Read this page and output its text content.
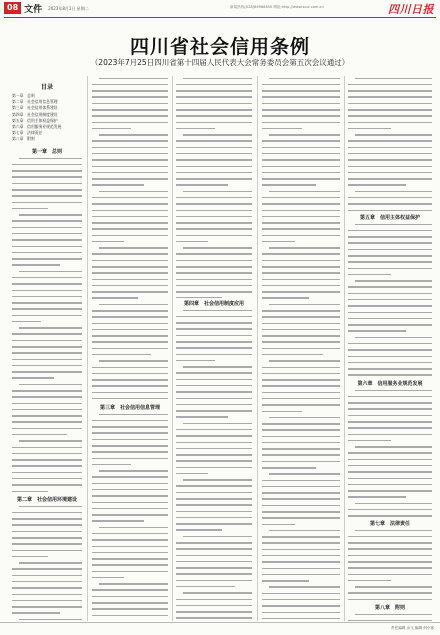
08 文件 2023年8月1日 星期二	新闻热线(028)86968650 网址:http://www.scol.com.cn	四川日报
四川省社会信用条例
（2023年7月25日四川省第十四届人民代表大会常务委员会第五次会议通过）
目录
第一章　总则
第二章　社会信用信息管理
第三章　社会信用体系建设
第四章　社会信用制度建设
第五章　信用主体权益保护
第六章　信用服务业规范发展
第七章　法律责任
第八章　附则
第一章　总则
第二章　社会信用环境建设
第三章　社会信用信息管理
第四章　社会信用制度应用
第五章　信用主体权益保护
第六章　信用服务业规范发展
第七章　法律责任
第八章　附则
责任编辑 余飞 编辑 何小寒
